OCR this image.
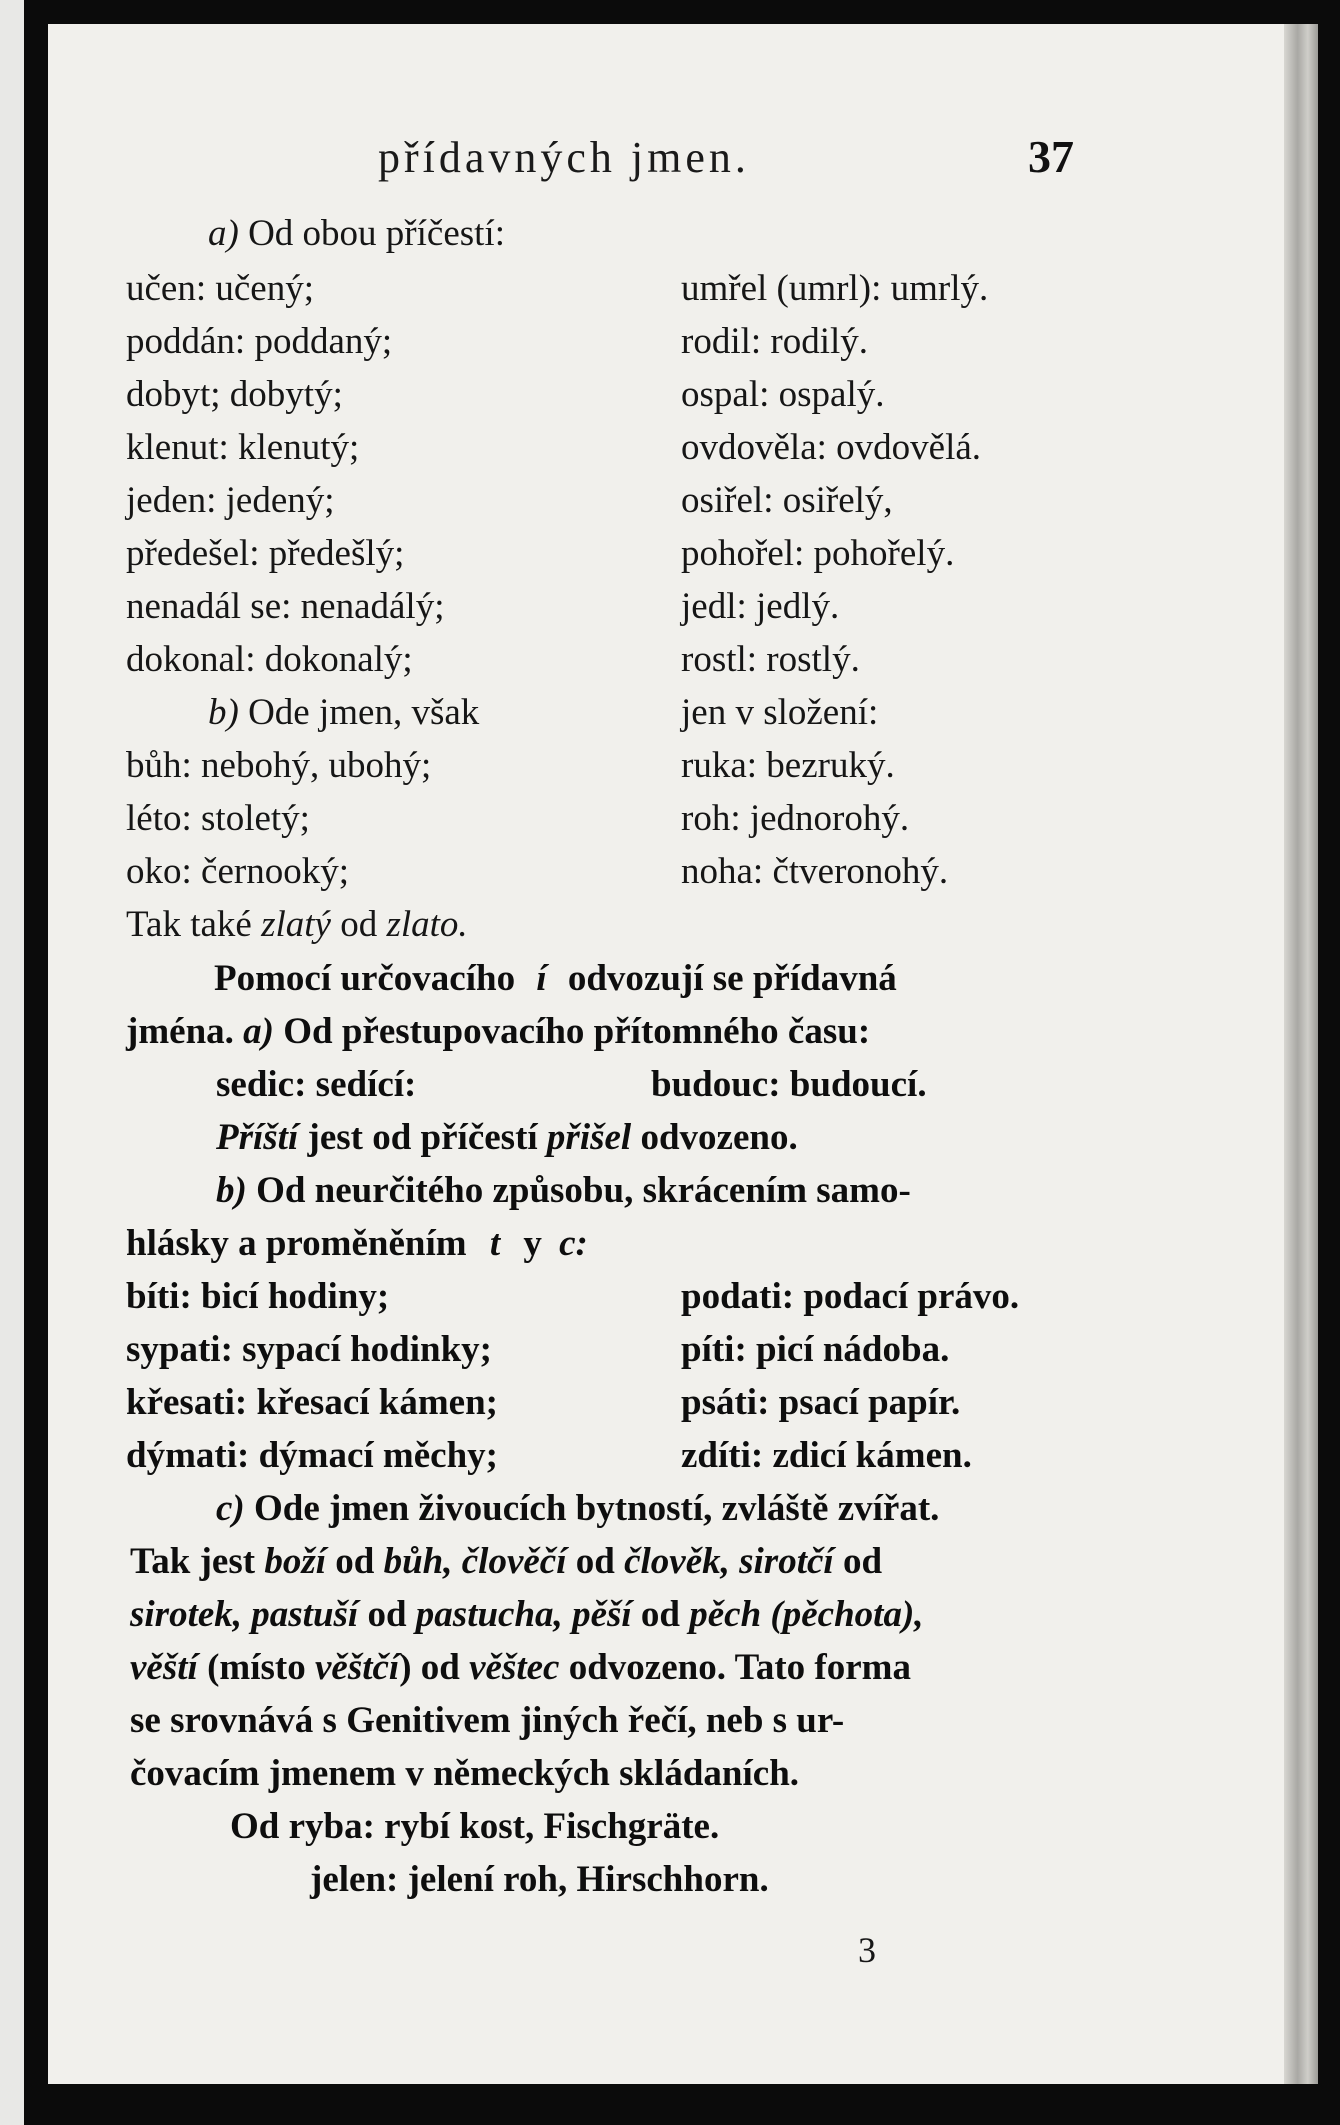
přídavných jmen.	37
a) Od obou příčestí:
učen: učený;	umřel (umrl): umrlý.
poddán: poddaný;	rodil: rodilý.
dobyt; dobytý;	ospal: ospalý.
klenut: klenutý;	ovdověla: ovdovělá.
jeden: jedený;	osiřel: osiřelý,
předešel: předešlý;	pohořel: pohořelý.
nenadál se: nenadálý;	jedl: jedlý.
dokonal: dokonalý;	rostl: rostlý.
b) Ode jmen, však	jen v složení:
bůh: nebohý, ubohý;	ruka: bezruký.
léto: stoletý;	roh: jednorohý.
oko: černooký;	noha: čtveronohý.
Tak také zlatý od zlato.
Pomocí určovacího í odvozují se přídavná
jména. a) Od přestupovacího přítomného času:
sedic: sedící:	budouc: budoucí.
Příští jest od příčestí přišel odvozeno.
b) Od neurčitého způsobu, skrácením samo-
hlásky a proměněním t y c:
bíti: bicí hodiny;	podati: podací právo.
sypati: sypací hodinky;	píti: picí nádoba.
křesati: křesací kámen;	psáti: psací papír.
dýmati: dýmací měchy;	zdíti: zdicí kámen.
c) Ode jmen živoucích bytností, zvláště zvířat.
Tak jest boží od bůh, člověčí od člověk, sirotčí od
sirotek, pastuší od pastucha, pěší od pěch (pěchota),
věští (místo věštčí) od věštec odvozeno. Tato forma
se srovnává s Genitivem jiných řečí, neb s ur-
čovacím jmenem v německých skládaních.
Od ryba: rybí kost, Fischgräte.
jelen: jelení roh, Hirschhorn.
3
